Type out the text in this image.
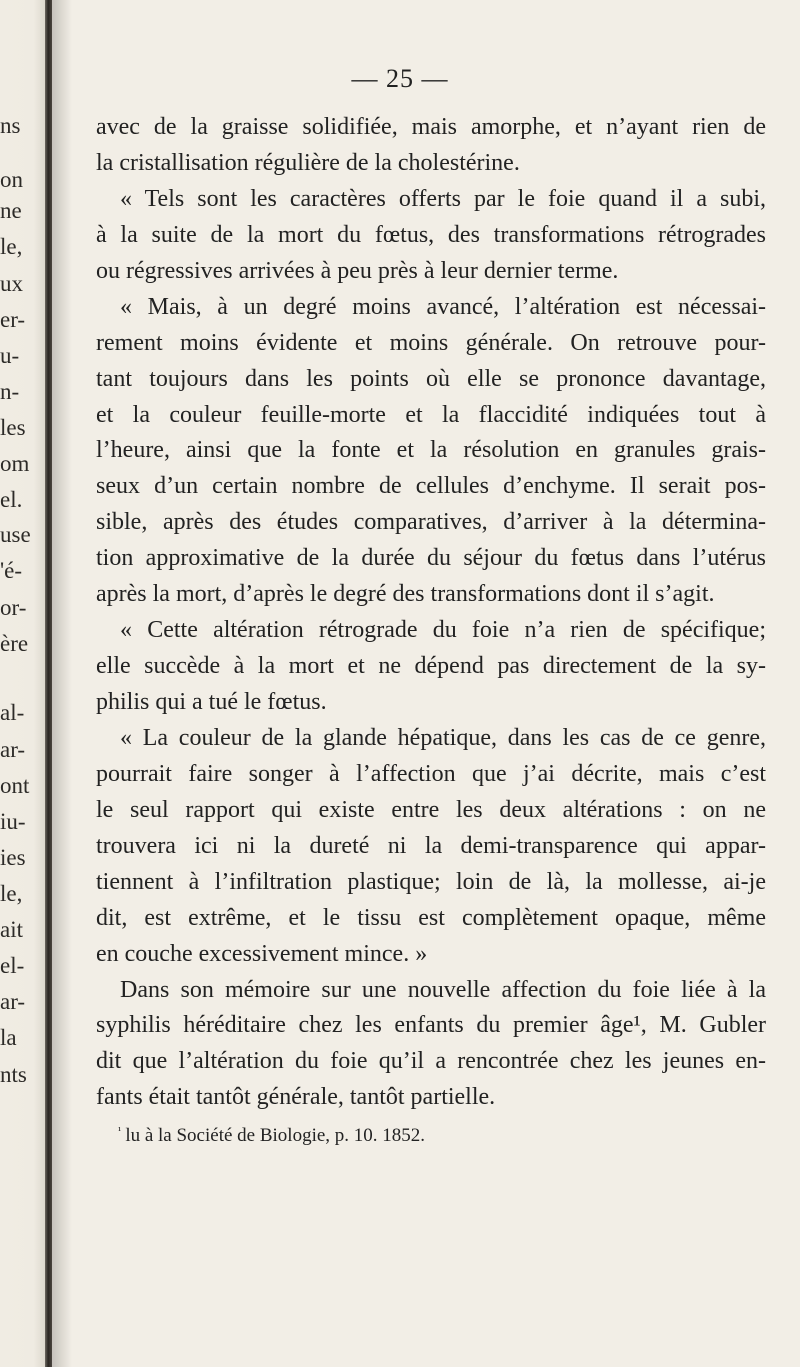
ns
on
ne
le,
ux
er-
u-
n-
les
om
el.
use
'é-
or-
ère
al-
ar-
ont
iu-
ies
le,
ait
el-
ar-
la
nts
— 25 —
avec de la graisse solidifiée, mais amorphe, et n’ayant rien de
la cristallisation régulière de la cholestérine.
« Tels sont les caractères offerts par le foie quand il a subi,
à la suite de la mort du fœtus, des transformations rétrogrades
ou régressives arrivées à peu près à leur dernier terme.
« Mais, à un degré moins avancé, l’altération est nécessai-
rement moins évidente et moins générale. On retrouve pour-
tant toujours dans les points où elle se prononce davantage,
et la couleur feuille-morte et la flaccidité indiquées tout à
l’heure, ainsi que la fonte et la résolution en granules grais-
seux d’un certain nombre de cellules d’enchyme. Il serait pos-
sible, après des études comparatives, d’arriver à la détermina-
tion approximative de la durée du séjour du fœtus dans l’utérus
après la mort, d’après le degré des transformations dont il s’agit.
« Cette altération rétrograde du foie n’a rien de spécifique;
elle succède à la mort et ne dépend pas directement de la sy-
philis qui a tué le fœtus.
« La couleur de la glande hépatique, dans les cas de ce genre,
pourrait faire songer à l’affection que j’ai décrite, mais c’est
le seul rapport qui existe entre les deux altérations : on ne
trouvera ici ni la dureté ni la demi-transparence qui appar-
tiennent à l’infiltration plastique; loin de là, la mollesse, ai-je
dit, est extrême, et le tissu est complètement opaque, même
en couche excessivement mince. »
Dans son mémoire sur une nouvelle affection du foie liée à la
syphilis héréditaire chez les enfants du premier âge¹, M. Gubler
dit que l’altération du foie qu’il a rencontrée chez les jeunes en-
fants était tantôt générale, tantôt partielle.
$^{^1}$ lu à la Société de Biologie, p. 10. 1852.
